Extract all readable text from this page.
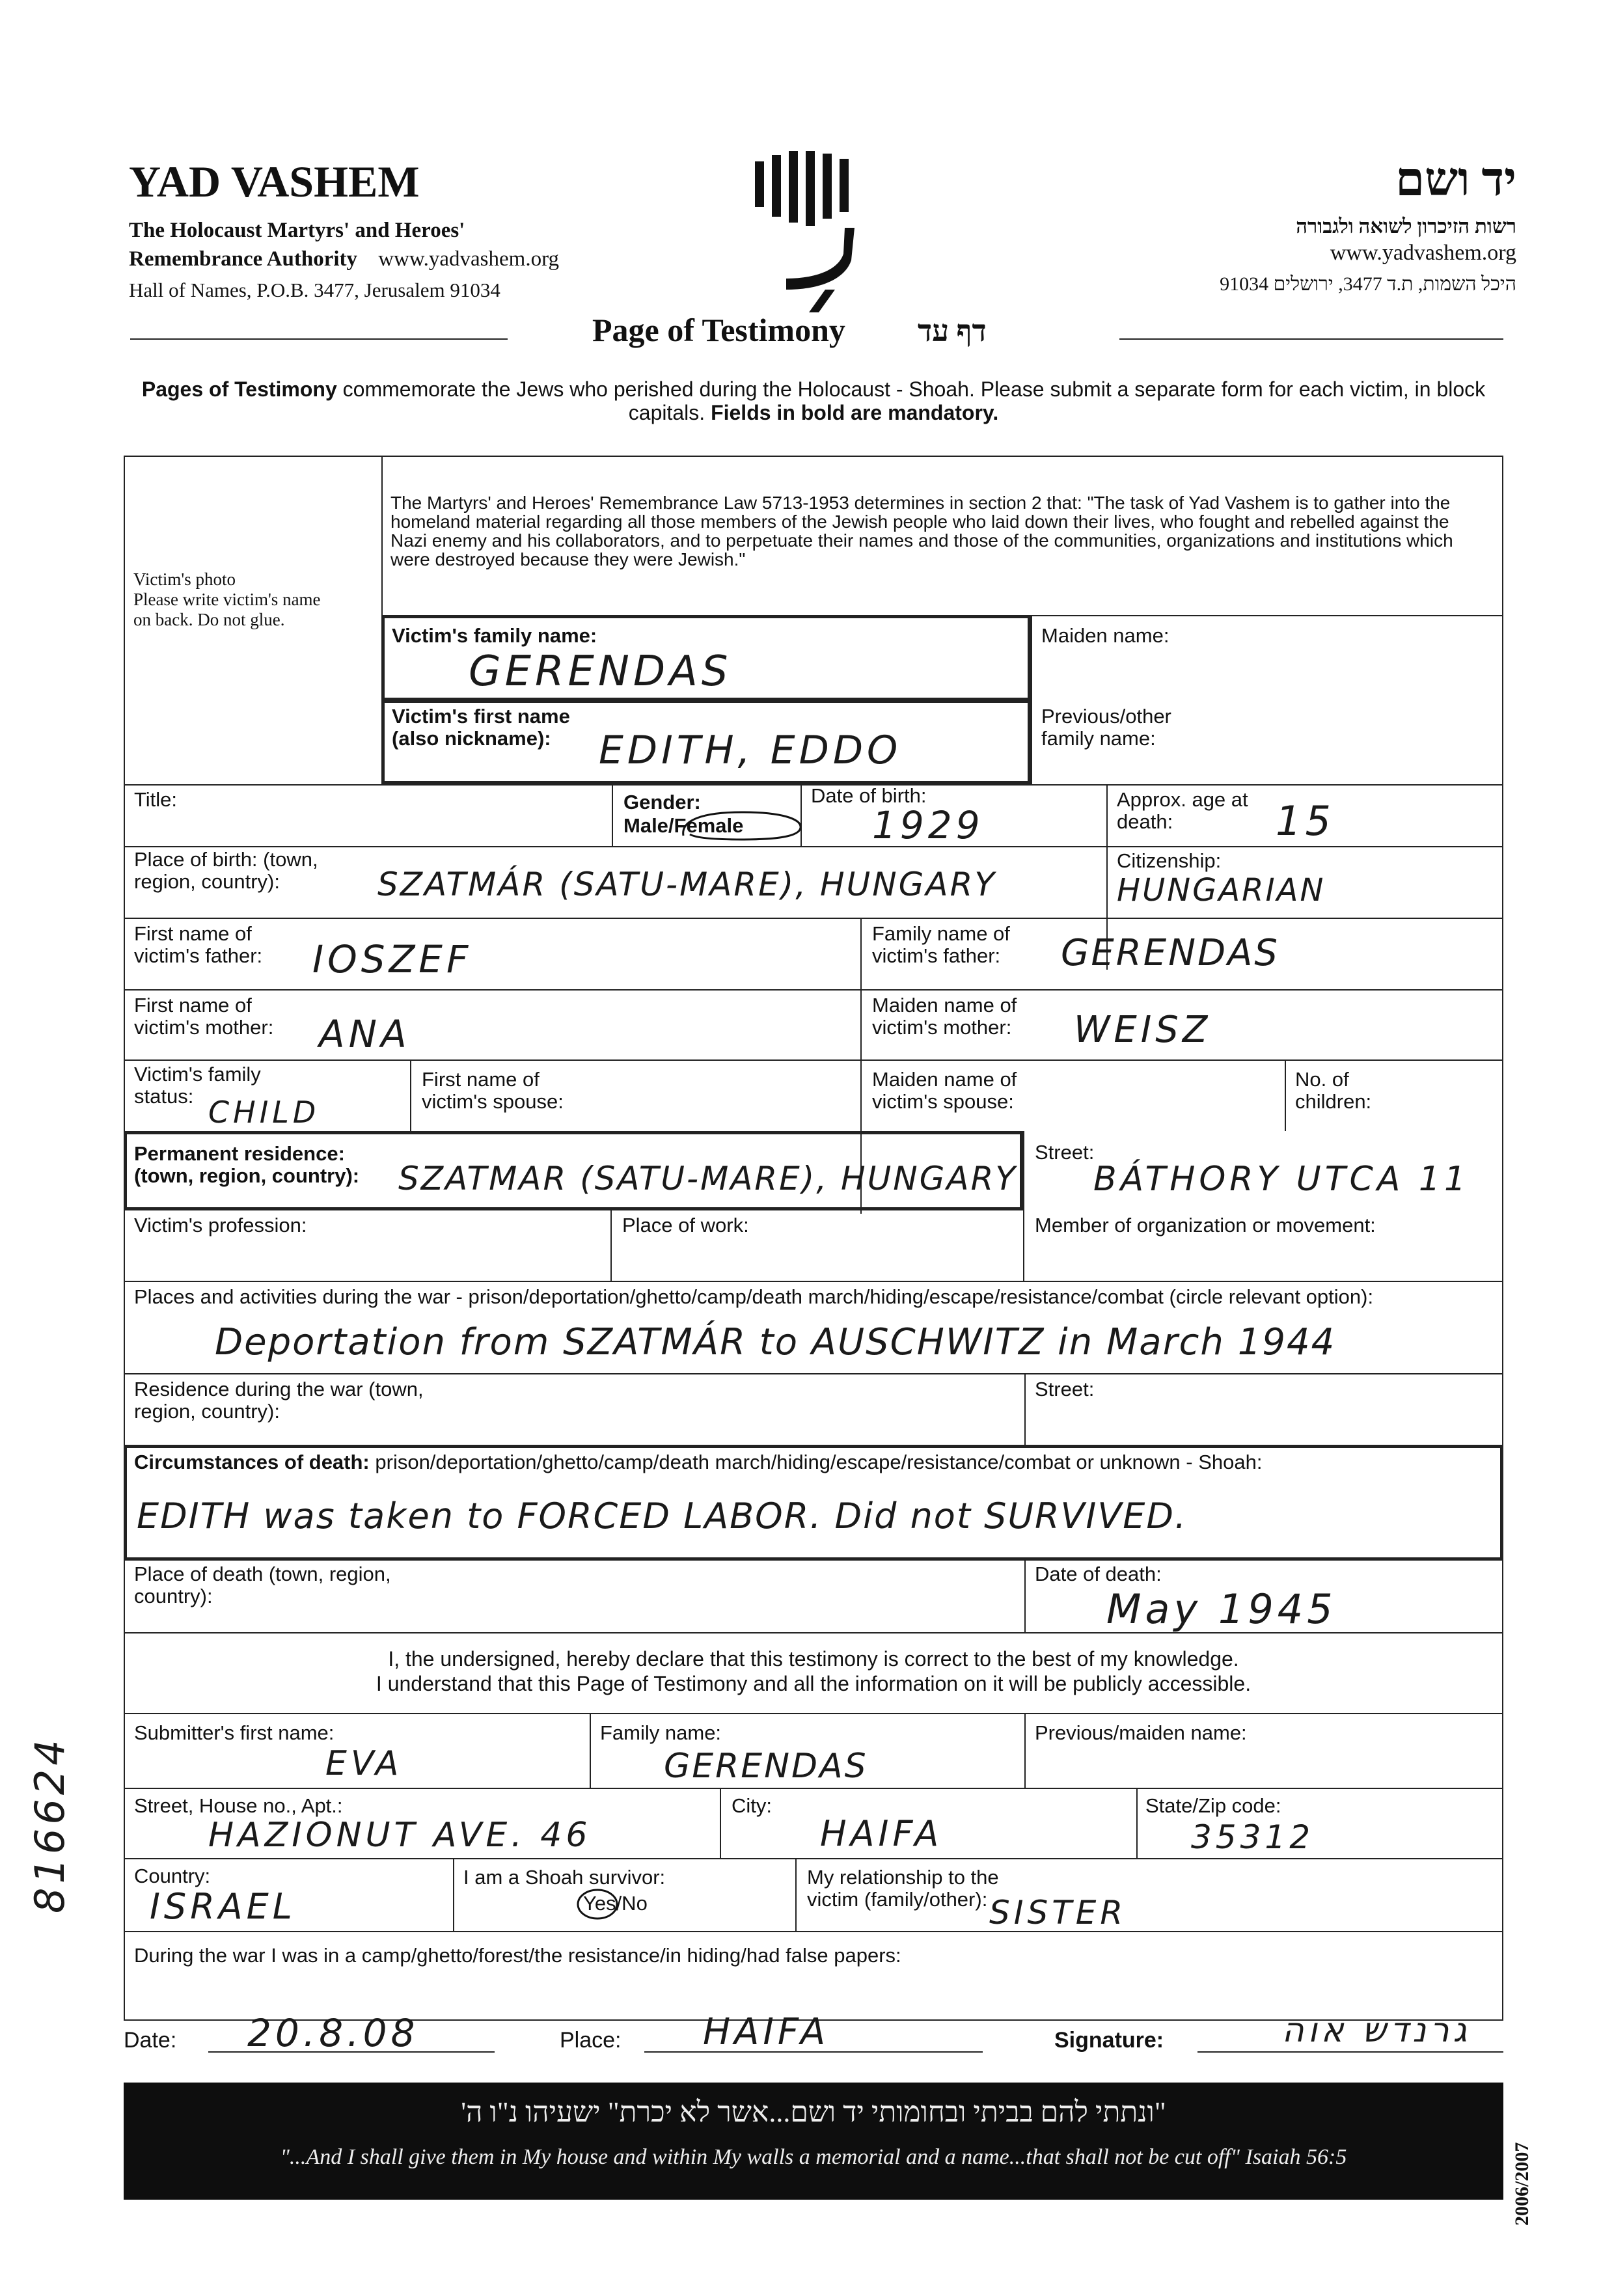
YAD VASHEM
The Holocaust Martyrs' and Heroes'
Remembrance Authority www.yadvashem.org
Hall of Names, P.O.B. 3477, Jerusalem 91034
יד ושם
רשות הזיכרון לשואה ולגבורה
www.yadvashem.org
היכל השמות, ת.ד 3477, ירושלים 91034
Page of Testimony דף עד
Pages of Testimony commemorate the Jews who perished during the Holocaust - Shoah. Please submit a separate form for each victim, in block capitals. Fields in bold are mandatory.
Victim's photo
Please write victim's name
on back. Do not glue.
The Martyrs' and Heroes' Remembrance Law 5713-1953 determines in section 2 that: "The task of Yad Vashem is to gather into the homeland material regarding all those members of the Jewish people who laid down their lives, who fought and rebelled against the Nazi enemy and his collaborators, and to perpetuate their names and those of the communities, organizations and institutions which were destroyed because they were Jewish."
Victim's family name:
GERENDAS
Maiden name:
Victim's first name (also nickname):	EDITH, EDDO
Previous/other family name:
Title:	Gender:
Male/Female
Date of birth:
1929
Approx. age at death:	15
Place of birth: (town, region, country):	SZATMÁR (SATU-MARE), HUNGARY
Citizenship:
HUNGARIAN
First name of victim's father:	IOSZEF
Family name of victim's father:	GERENDAS
First name of victim's mother:	ANA
Maiden name of victim's mother:	WEISZ
Victim's family status: CHILD
First name of victim's spouse:
Maiden name of victim's spouse:
No. of children:
Permanent residence: (town, region, country):	SZATMAR (SATU-MARE), HUNGARY
Street:
BÁTHORY UTCA 11
Victim's profession:	Place of work:	Member of organization or movement:
Places and activities during the war - prison/deportation/ghetto/camp/death march/hiding/escape/resistance/combat (circle relevant option):
Deportation from SZATMÁR to AUSCHWITZ in March 1944
Residence during the war (town, region, country):
Street:
Circumstances of death: prison/deportation/ghetto/camp/death march/hiding/escape/resistance/combat or unknown - Shoah:
EDITH was taken to FORCED LABOR. Did not SURVIVED.
Place of death (town, region, country):
Date of death:
May 1945
I, the undersigned, hereby declare that this testimony is correct to the best of my knowledge.
I understand that this Page of Testimony and all the information on it will be publicly accessible.
Submitter's first name:
EVA
Family name:
GERENDAS
Previous/maiden name:
Street, House no., Apt.:
HAZIONUT AVE. 46
City:
HAIFA
State/Zip code:
35312
Country:
ISRAEL
I am a Shoah survivor:
Yes/No
My relationship to the victim (family/other): SISTER
During the war I was in a camp/ghetto/forest/the resistance/in hiding/had false papers:
816624
Date: 20.8.08	Place: HAIFA	Signature:	גרנדש אוה
"ונתתי להם בביתי ובחומותי יד ושם...אשר לא יכרת" ישעיהו נ"ו ה'
"...And I shall give them in My house and within My walls a memorial and a name...that shall not be cut off" Isaiah 56:5	2006/2007
